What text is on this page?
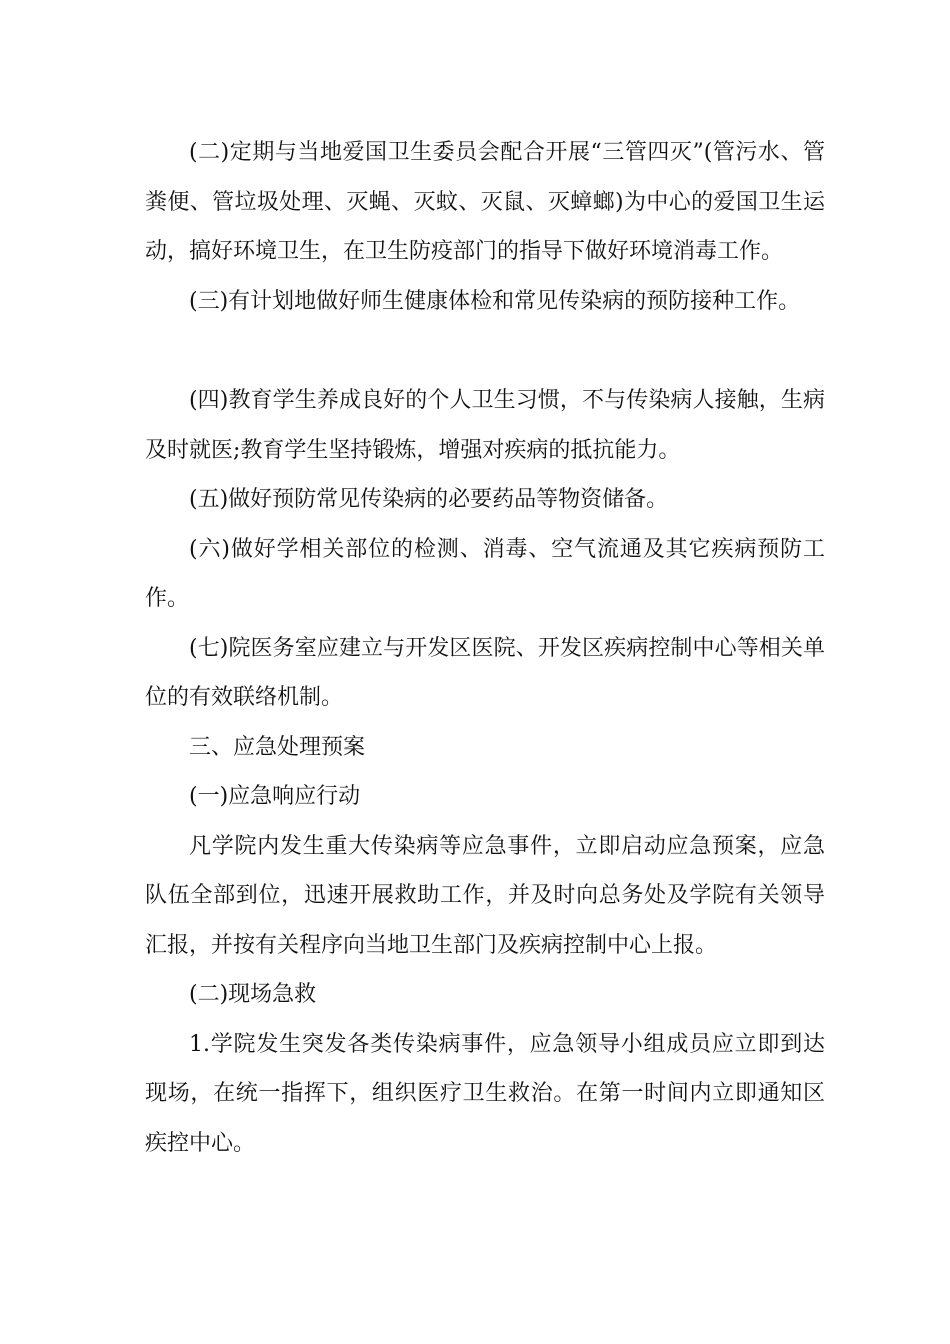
(二)定期与当地爱国卫生委员会配合开展“三管四灭”(管污水、管粪便、管垃圾处理、灭蝇、灭蚊、灭鼠、灭蟑螂)为中心的爱国卫生运动，搞好环境卫生，在卫生防疫部门的指导下做好环境消毒工作。

(三)有计划地做好师生健康体检和常见传染病的预防接种工作。

(四)教育学生养成良好的个人卫生习惯，不与传染病人接触，生病及时就医;教育学生坚持锻炼，增强对疾病的抵抗能力。

(五)做好预防常见传染病的必要药品等物资储备。

(六)做好学相关部位的检测、消毒、空气流通及其它疾病预防工作。

(七)院医务室应建立与开发区医院、开发区疾病控制中心等相关单位的有效联络机制。

三、应急处理预案

(一)应急响应行动

凡学院内发生重大传染病等应急事件，立即启动应急预案，应急队伍全部到位，迅速开展救助工作，并及时向总务处及学院有关领导汇报，并按有关程序向当地卫生部门及疾病控制中心上报。

(二)现场急救

1.学院发生突发各类传染病事件，应急领导小组成员应立即到达现场，在统一指挥下，组织医疗卫生救治。在第一时间内立即通知区疾控中心。
